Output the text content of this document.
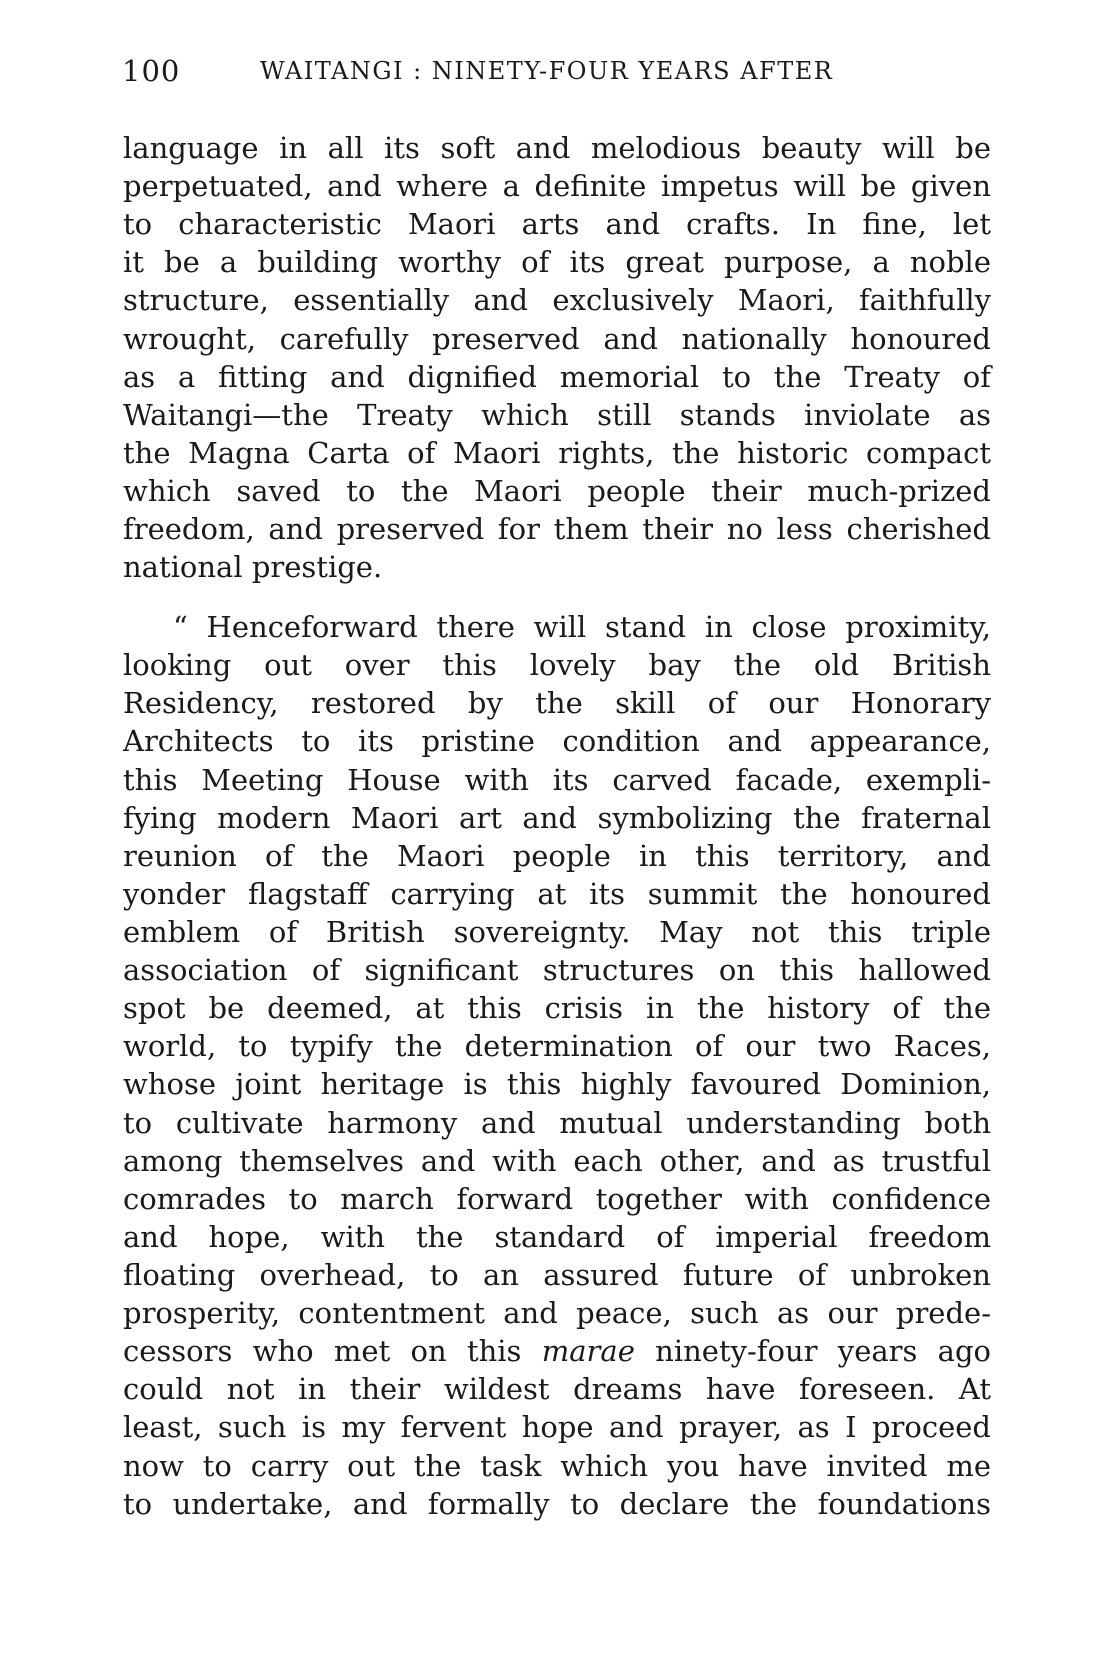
100	WAITANGI : NINETY-FOUR YEARS AFTER
language in all its soft and melodious beauty will be
perpetuated, and where a definite impetus will be given
to characteristic Maori arts and crafts. In fine, let
it be a building worthy of its great purpose, a noble
structure, essentially and exclusively Maori, faithfully
wrought, carefully preserved and nationally honoured
as a fitting and dignified memorial to the Treaty of
Waitangi—the Treaty which still stands inviolate as
the Magna Carta of Maori rights, the historic compact
which saved to the Maori people their much-prized
freedom, and preserved for them their no less cherished
national prestige.
“ Henceforward there will stand in close proximity,
looking out over this lovely bay the old British
Residency, restored by the skill of our Honorary
Architects to its pristine condition and appearance,
this Meeting House with its carved facade, exempli-
fying modern Maori art and symbolizing the fraternal
reunion of the Maori people in this territory, and
yonder flagstaff carrying at its summit the honoured
emblem of British sovereignty. May not this triple
association of significant structures on this hallowed
spot be deemed, at this crisis in the history of the
world, to typify the determination of our two Races,
whose joint heritage is this highly favoured Dominion,
to cultivate harmony and mutual understanding both
among themselves and with each other, and as trustful
comrades to march forward together with confidence
and hope, with the standard of imperial freedom
floating overhead, to an assured future of unbroken
prosperity, contentment and peace, such as our prede-
cessors who met on this marae ninety-four years ago
could not in their wildest dreams have foreseen. At
least, such is my fervent hope and prayer, as I proceed
now to carry out the task which you have invited me
to undertake, and formally to declare the foundations
